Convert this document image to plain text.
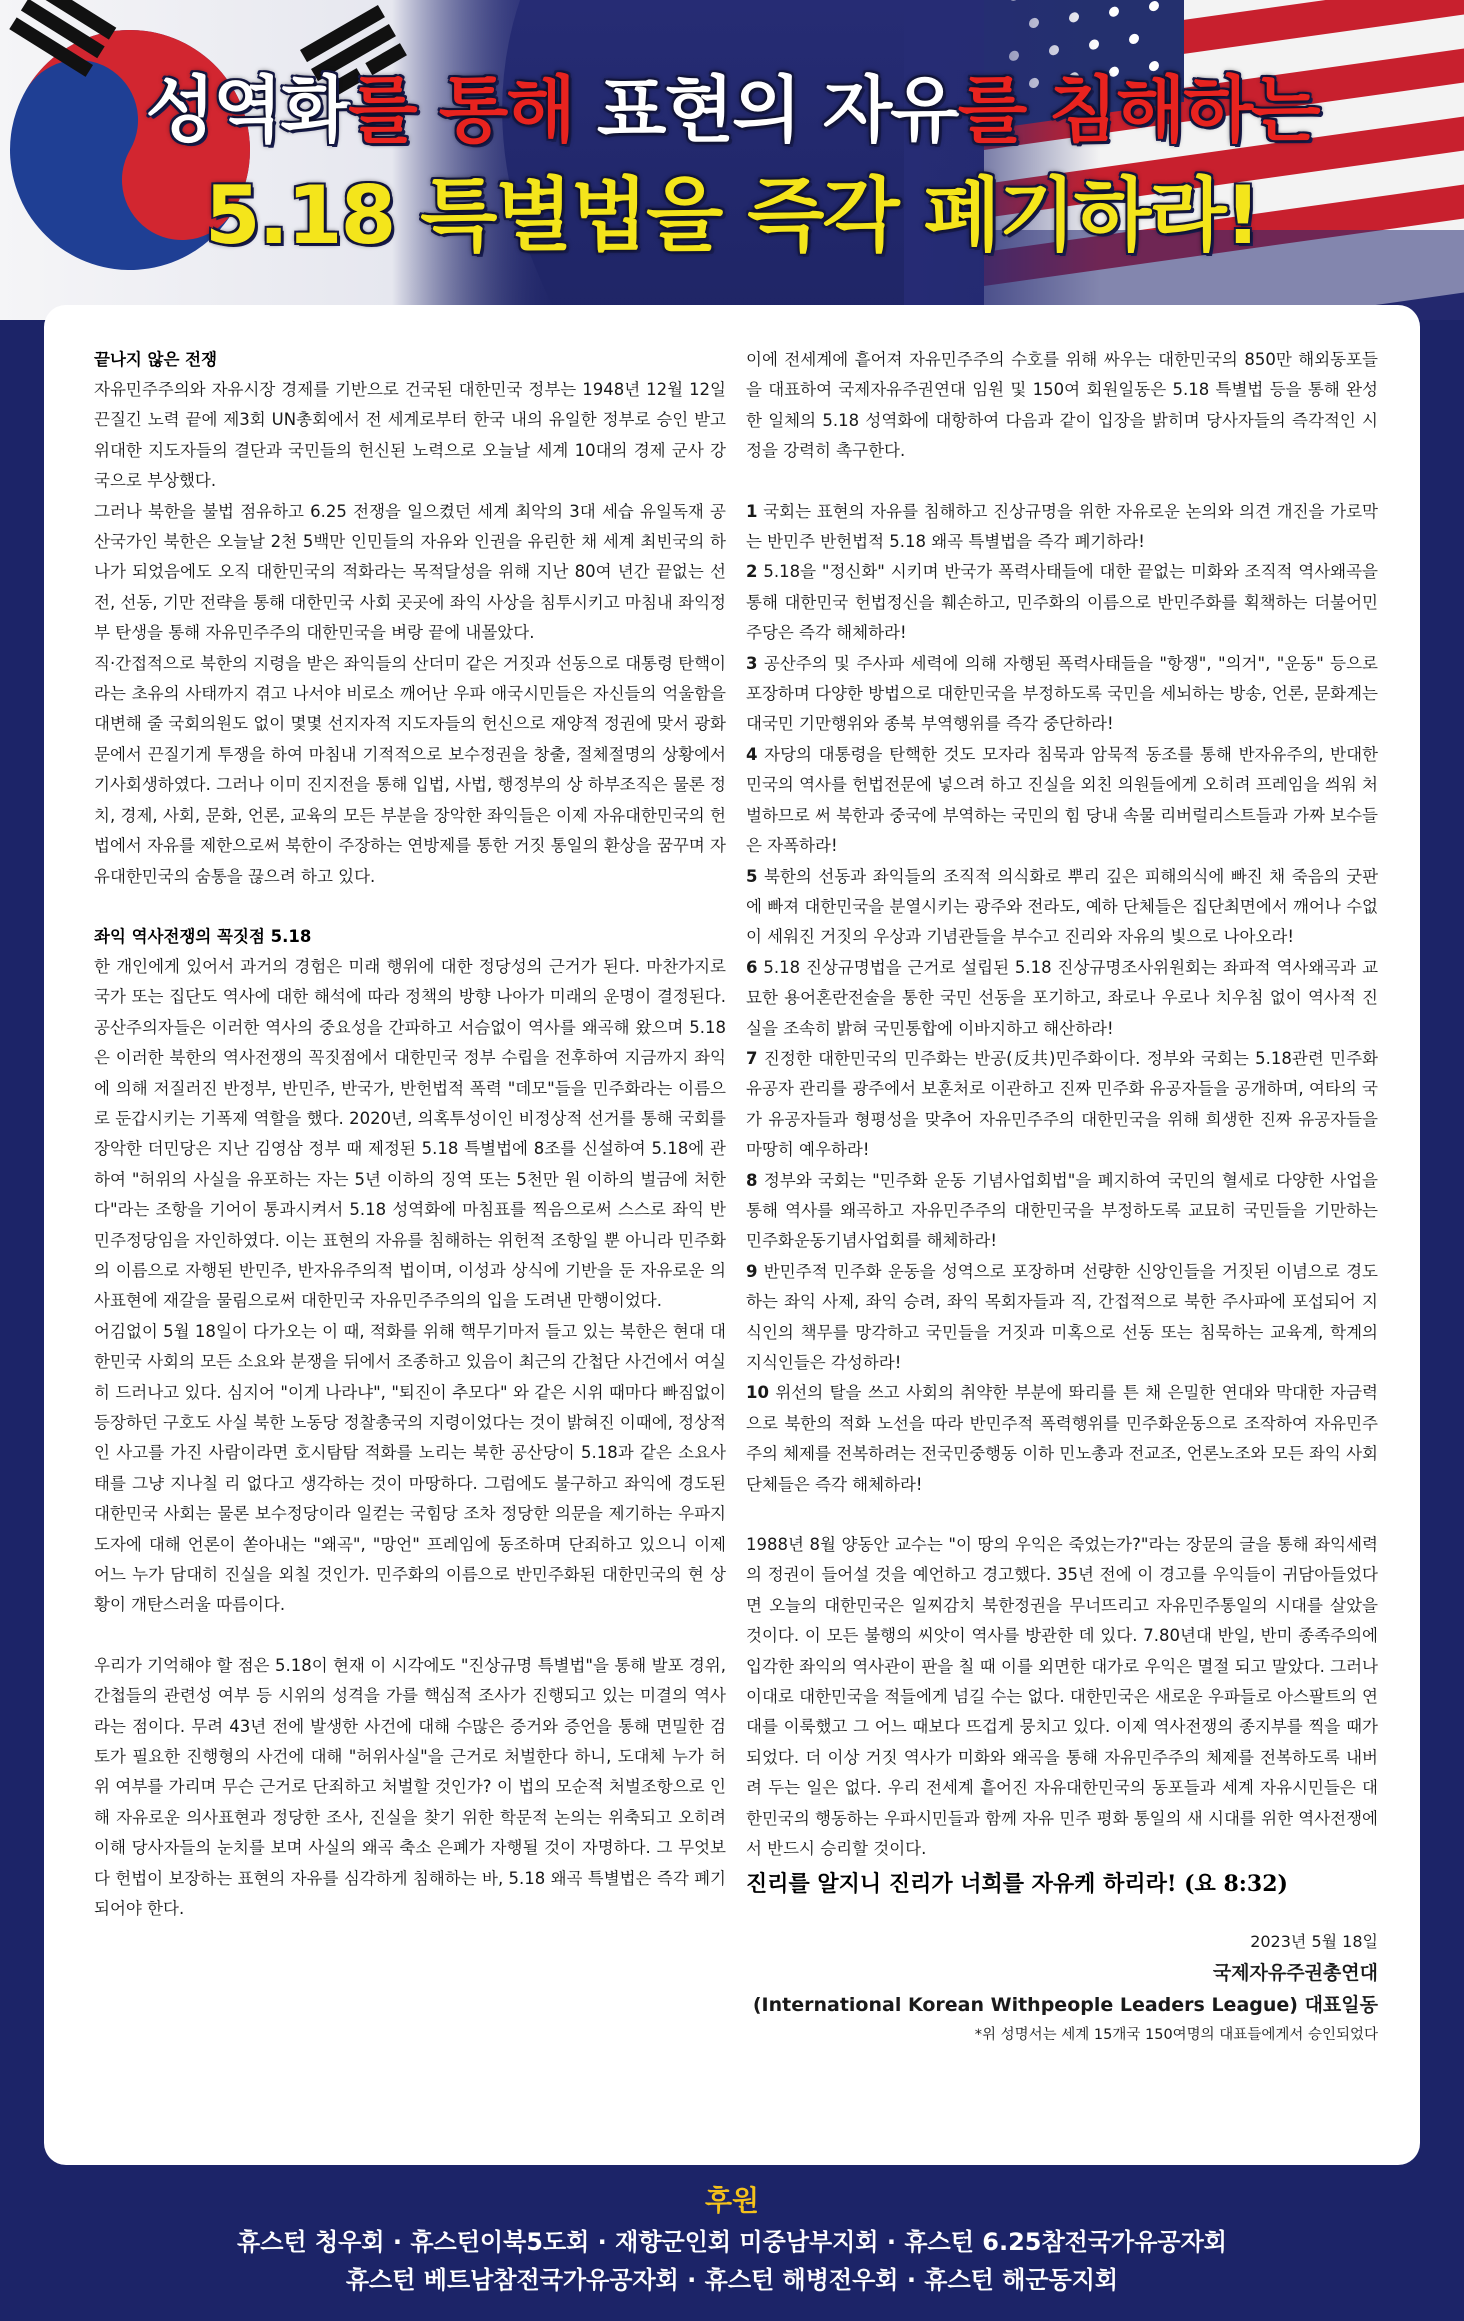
성역화를 통해 표현의 자유를 침해하는
5.18 특별법을 즉각 폐기하라!

끝나지 않은 전쟁

자유민주주의와 자유시장 경제를 기반으로 건국된 대한민국 정부는 1948년 12월 12일 끈질긴 노력 끝에 제3회 UN총회에서 전 세계로부터 한국 내의 유일한 정부로 승인 받고 위대한 지도자들의 결단과 국민들의 헌신된 노력으로 오늘날 세계 10대의 경제 군사 강국으로 부상했다.

그러나 북한을 불법 점유하고 6.25 전쟁을 일으켰던 세계 최악의 3대 세습 유일독재 공산국가인 북한은 오늘날 2천 5백만 인민들의 자유와 인권을 유린한 채 세계 최빈국의 하나가 되었음에도 오직 대한민국의 적화라는 목적달성을 위해 지난 80여 년간 끝없는 선전, 선동, 기만 전략을 통해 대한민국 사회 곳곳에 좌익 사상을 침투시키고 마침내 좌익정부 탄생을 통해 자유민주주의 대한민국을 벼랑 끝에 내몰았다.

직·간접적으로 북한의 지령을 받은 좌익들의 산더미 같은 거짓과 선동으로 대통령 탄핵이라는 초유의 사태까지 겪고 나서야 비로소 깨어난 우파 애국시민들은 자신들의 억울함을 대변해 줄 국회의원도 없이 몇몇 선지자적 지도자들의 헌신으로 재양적 정권에 맞서 광화문에서 끈질기게 투쟁을 하여 마침내 기적적으로 보수정권을 창출, 절체절명의 상황에서 기사회생하였다. 그러나 이미 진지전을 통해 입법, 사법, 행정부의 상 하부조직은 물론 정치, 경제, 사회, 문화, 언론, 교육의 모든 부분을 장악한 좌익들은 이제 자유대한민국의 헌법에서 자유를 제한으로써 북한이 주장하는 연방제를 통한 거짓 통일의 환상을 꿈꾸며 자유대한민국의 숨통을 끊으려 하고 있다.

좌익 역사전쟁의 꼭짓점 5.18

한 개인에게 있어서 과거의 경험은 미래 행위에 대한 정당성의 근거가 된다. 마찬가지로 국가 또는 집단도 역사에 대한 해석에 따라 정책의 방향 나아가 미래의 운명이 결정된다. 공산주의자들은 이러한 역사의 중요성을 간파하고 서슴없이 역사를 왜곡해 왔으며 5.18은 이러한 북한의 역사전쟁의 꼭짓점에서 대한민국 정부 수립을 전후하여 지금까지 좌익에 의해 저질러진 반정부, 반민주, 반국가, 반헌법적 폭력 "데모"들을 민주화라는 이름으로 둔갑시키는 기폭제 역할을 했다. 2020년, 의혹투성이인 비정상적 선거를 통해 국회를 장악한 더민당은 지난 김영삼 정부 때 제정된 5.18 특별법에 8조를 신설하여 5.18에 관하여 "허위의 사실을 유포하는 자는 5년 이하의 징역 또는 5천만 원 이하의 벌금에 처한다"라는 조항을 기어이 통과시켜서 5.18 성역화에 마침표를 찍음으로써 스스로 좌익 반민주정당임을 자인하였다. 이는 표현의 자유를 침해하는 위헌적 조항일 뿐 아니라 민주화의 이름으로 자행된 반민주, 반자유주의적 법이며, 이성과 상식에 기반을 둔 자유로운 의사표현에 재갈을 물림으로써 대한민국 자유민주주의의 입을 도려낸 만행이었다.

어김없이 5월 18일이 다가오는 이 때, 적화를 위해 핵무기마저 들고 있는 북한은 현대 대한민국 사회의 모든 소요와 분쟁을 뒤에서 조종하고 있음이 최근의 간첩단 사건에서 여실히 드러나고 있다. 심지어 "이게 나라냐", "퇴진이 추모다" 와 같은 시위 때마다 빠짐없이 등장하던 구호도 사실 북한 노동당 정찰총국의 지령이었다는 것이 밝혀진 이때에, 정상적인 사고를 가진 사람이라면 호시탐탐 적화를 노리는 북한 공산당이 5.18과 같은 소요사태를 그냥 지나칠 리 없다고 생각하는 것이 마땅하다. 그럼에도 불구하고 좌익에 경도된 대한민국 사회는 물론 보수정당이라 일컫는 국힘당 조차 정당한 의문을 제기하는 우파지도자에 대해 언론이 쏟아내는 "왜곡", "망언" 프레임에 동조하며 단죄하고 있으니 이제 어느 누가 담대히 진실을 외칠 것인가. 민주화의 이름으로 반민주화된 대한민국의 현 상황이 개탄스러울 따름이다.

우리가 기억해야 할 점은 5.18이 현재 이 시각에도 "진상규명 특별법"을 통해 발포 경위, 간첩들의 관련성 여부 등 시위의 성격을 가를 핵심적 조사가 진행되고 있는 미결의 역사라는 점이다. 무려 43년 전에 발생한 사건에 대해 수많은 증거와 증언을 통해 면밀한 검토가 필요한 진행형의 사건에 대해 "허위사실"을 근거로 처벌한다 하니, 도대체 누가 허위 여부를 가리며 무슨 근거로 단죄하고 처벌할 것인가? 이 법의 모순적 처벌조항으로 인해 자유로운 의사표현과 정당한 조사, 진실을 찾기 위한 학문적 논의는 위축되고 오히려 이해 당사자들의 눈치를 보며 사실의 왜곡 축소 은폐가 자행될 것이 자명하다. 그 무엇보다 헌법이 보장하는 표현의 자유를 심각하게 침해하는 바, 5.18 왜곡 특별법은 즉각 폐기되어야 한다.

이에 전세계에 흩어져 자유민주주의 수호를 위해 싸우는 대한민국의 850만 해외동포들을 대표하여 국제자유주권연대 임원 및 150여 회원일동은 5.18 특별법 등을 통해 완성한 일체의 5.18 성역화에 대항하여 다음과 같이 입장을 밝히며 당사자들의 즉각적인 시정을 강력히 촉구한다.

1 국회는 표현의 자유를 침해하고 진상규명을 위한 자유로운 논의와 의견 개진을 가로막는 반민주 반헌법적 5.18 왜곡 특별법을 즉각 폐기하라!

2 5.18을 "정신화" 시키며 반국가 폭력사태들에 대한 끝없는 미화와 조직적 역사왜곡을 통해 대한민국 헌법정신을 훼손하고, 민주화의 이름으로 반민주화를 획책하는 더불어민주당은 즉각 해체하라!

3 공산주의 및 주사파 세력에 의해 자행된 폭력사태들을 "항쟁", "의거", "운동" 등으로 포장하며 다양한 방법으로 대한민국을 부정하도록 국민을 세뇌하는 방송, 언론, 문화계는 대국민 기만행위와 종북 부역행위를 즉각 중단하라!

4 자당의 대통령을 탄핵한 것도 모자라 침묵과 암묵적 동조를 통해 반자유주의, 반대한민국의 역사를 헌법전문에 넣으려 하고 진실을 외친 의원들에게 오히려 프레임을 씌워 처벌하므로 써 북한과 중국에 부역하는 국민의 힘 당내 속물 리버럴리스트들과 가짜 보수들은 자폭하라!

5 북한의 선동과 좌익들의 조직적 의식화로 뿌리 깊은 피해의식에 빠진 채 죽음의 굿판에 빠져 대한민국을 분열시키는 광주와 전라도, 예하 단체들은 집단최면에서 깨어나 수없이 세워진 거짓의 우상과 기념관들을 부수고 진리와 자유의 빛으로 나아오라!

6 5.18 진상규명법을 근거로 설립된 5.18 진상규명조사위원회는 좌파적 역사왜곡과 교묘한 용어혼란전술을 통한 국민 선동을 포기하고, 좌로나 우로나 치우침 없이 역사적 진실을 조속히 밝혀 국민통합에 이바지하고 해산하라!

7 진정한 대한민국의 민주화는 반공(反共)민주화이다. 정부와 국회는 5.18관련 민주화 유공자 관리를 광주에서 보훈처로 이관하고 진짜 민주화 유공자들을 공개하며, 여타의 국가 유공자들과 형평성을 맞추어 자유민주주의 대한민국을 위해 희생한 진짜 유공자들을 마땅히 예우하라!

8 정부와 국회는 "민주화 운동 기념사업회법"을 폐지하여 국민의 혈세로 다양한 사업을 통해 역사를 왜곡하고 자유민주주의 대한민국을 부정하도록 교묘히 국민들을 기만하는 민주화운동기념사업회를 해체하라!

9 반민주적 민주화 운동을 성역으로 포장하며 선량한 신앙인들을 거짓된 이념으로 경도하는 좌익 사제, 좌익 승려, 좌익 목회자들과 직, 간접적으로 북한 주사파에 포섭되어 지식인의 책무를 망각하고 국민들을 거짓과 미혹으로 선동 또는 침묵하는 교육계, 학계의 지식인들은 각성하라!

10 위선의 탈을 쓰고 사회의 취약한 부분에 똬리를 튼 채 은밀한 연대와 막대한 자금력으로 북한의 적화 노선을 따라 반민주적 폭력행위를 민주화운동으로 조작하여 자유민주주의 체제를 전복하려는 전국민중행동 이하 민노총과 전교조, 언론노조와 모든 좌익 사회단체들은 즉각 해체하라!

1988년 8월 양동안 교수는 "이 땅의 우익은 죽었는가?"라는 장문의 글을 통해 좌익세력의 정권이 들어설 것을 예언하고 경고했다. 35년 전에 이 경고를 우익들이 귀담아들었다면 오늘의 대한민국은 일찌감치 북한정권을 무너뜨리고 자유민주통일의 시대를 살았을 것이다. 이 모든 불행의 씨앗이 역사를 방관한 데 있다. 7.80년대 반일, 반미 종족주의에 입각한 좌익의 역사관이 판을 칠 때 이를 외면한 대가로 우익은 멸절 되고 말았다. 그러나 이대로 대한민국을 적들에게 넘길 수는 없다. 대한민국은 새로운 우파들로 아스팔트의 연대를 이룩했고 그 어느 때보다 뜨겁게 뭉치고 있다. 이제 역사전쟁의 종지부를 찍을 때가 되었다. 더 이상 거짓 역사가 미화와 왜곡을 통해 자유민주주의 체제를 전복하도록 내버려 두는 일은 없다. 우리 전세계 흩어진 자유대한민국의 동포들과 세계 자유시민들은 대한민국의 행동하는 우파시민들과 함께 자유 민주 평화 통일의 새 시대를 위한 역사전쟁에서 반드시 승리할 것이다.

진리를 알지니 진리가 너희를 자유케 하리라! (요 8:32)

2023년 5월 18일

국제자유주권총연대

(International Korean Withpeople Leaders League) 대표일동

*위 성명서는 세계 15개국 150여명의 대표들에게서 승인되었다

후원

휴스턴 청우회 · 휴스턴이북5도회 · 재향군인회 미중남부지회 · 휴스턴 6.25참전국가유공자회

휴스턴 베트남참전국가유공자회 · 휴스턴 해병전우회 · 휴스턴 해군동지회
